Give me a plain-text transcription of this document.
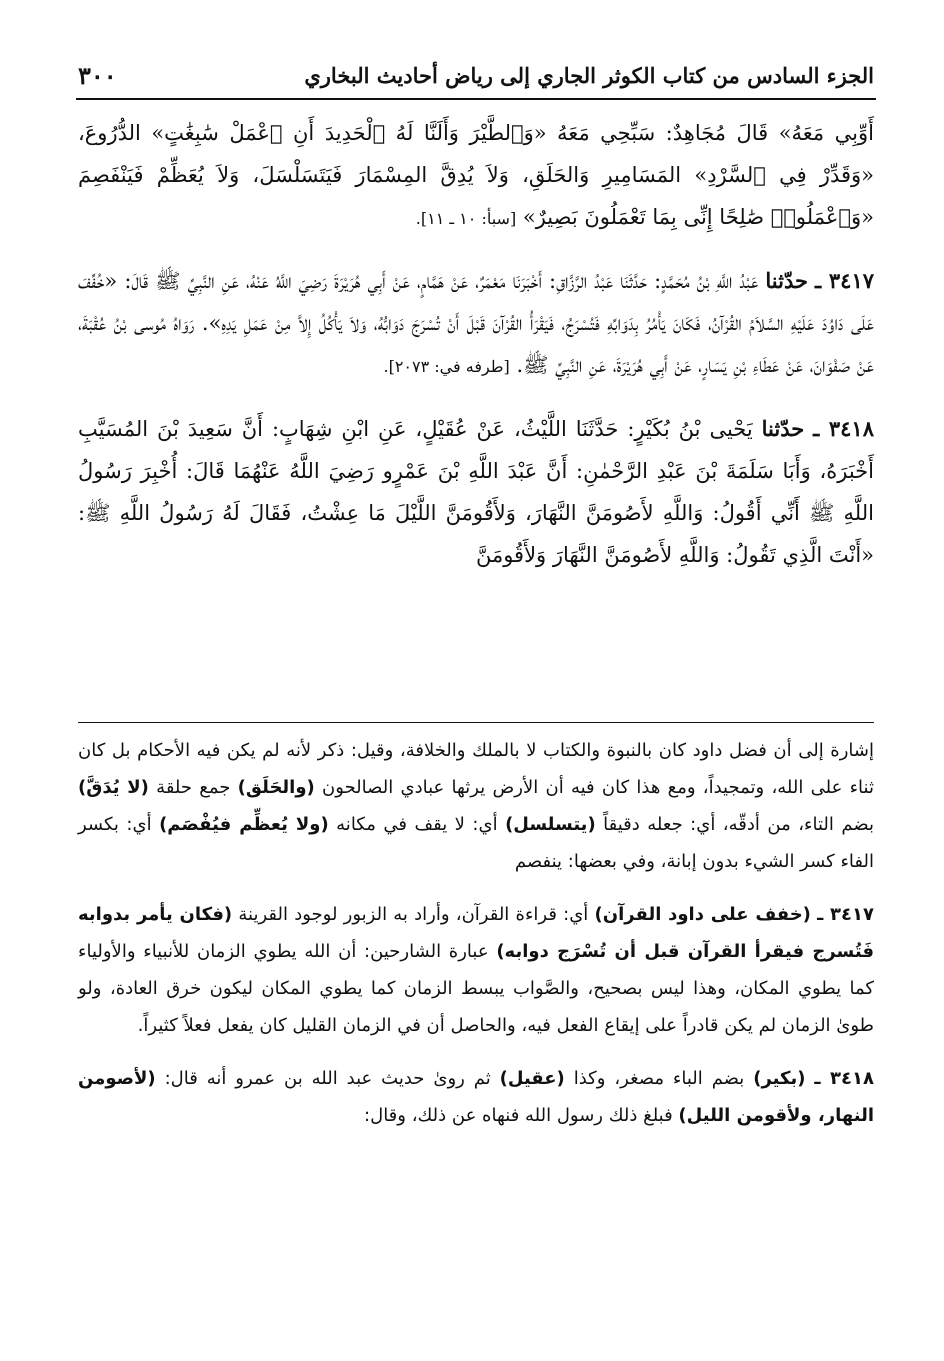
الجزء السادس من كتاب الكوثر الجاري إلى رياض أحاديث البخاري
٣٠٠

أَوِّبِي مَعَهُ» قَالَ مُجَاهِدٌ: سَبِّحِي مَعَهُ «وَٱلطَّيْرَ وَأَلَنَّا لَهُ ٱلْحَدِيدَ أَنِ ٱعْمَلْ سَٰبِغَٰتٍ» الدُّرُوعَ، «وَقَدِّرْ فِي ٱلسَّرْدِ» المَسَامِيرِ وَالحَلَقِ، وَلاَ يُدِقَّ المِسْمَارَ فَيَتَسَلْسَلَ، وَلاَ يُعَظِّمْ فَيَنْفَصِمَ «وَٱعْمَلُوا۟ صَٰلِحًا إِنِّى بِمَا تَعْمَلُونَ بَصِيرٌ» [سبأ: ١٠ ـ ١١].

٣٤١٧ ـ حدّثنا عَبْدُ اللَّهِ بْنُ مُحَمَّدٍ: حَدَّثَنَا عَبْدُ الرَّزَّاقِ: أَخْبَرَنَا مَعْمَرٌ، عَنْ هَمَّامٍ، عَنْ أَبِي هُرَيْرَةَ رَضِيَ اللَّهُ عَنْهُ، عَنِ النَّبِيِّ ﷺ قَالَ: «خُفِّفَ عَلَى دَاوُدَ عَلَيْهِ السَّلاَمُ القُرْآنُ، فَكَانَ يَأْمُرُ بِدَوَابِّهِ فَتُسْرَجُ، فَيَقْرَأُ القُرْآنَ قَبْلَ أَنْ تُسْرَجَ دَوَابُّهُ، وَلاَ يَأْكُلُ إِلاَّ مِنْ عَمَلِ يَدِهِ». رَوَاهُ مُوسى بْنُ عُقْبَةَ، عَنْ صَفْوَانَ، عَنْ عَطَاءِ بْنِ يَسَارٍ، عَنْ أَبِي هُرَيْرَةَ، عَنِ النَّبِيِّ ﷺ. [طرفه في: ٢٠٧٣].

٣٤١٨ ـ حدّثنا يَحْيى بْنُ بُكَيْرٍ: حَدَّثَنَا اللَّيْثُ، عَنْ عُقَيْلٍ، عَنِ ابْنِ شِهَابٍ: أَنَّ سَعِيدَ بْنَ المُسَيَّبِ أَخْبَرَهُ، وَأَبَا سَلَمَةَ بْنَ عَبْدِ الرَّحْمٰنِ: أَنَّ عَبْدَ اللَّهِ بْنَ عَمْرٍو رَضِيَ اللَّهُ عَنْهُمَا قَالَ: أُخْبِرَ رَسُولُ اللَّهِ ﷺ أَنِّي أَقُولُ: وَاللَّهِ لأَصُومَنَّ النَّهَارَ، وَلأَقُومَنَّ اللَّيْلَ مَا عِشْتُ، فَقَالَ لَهُ رَسُولُ اللَّهِ ﷺ: «أَنْتَ الَّذِي تَقُولُ: وَاللَّهِ لأَصُومَنَّ النَّهَارَ وَلأَقُومَنَّ

إشارة إلى أن فضل داود كان بالنبوة والكتاب لا بالملك والخلافة، وقيل: ذكر لأنه لم يكن فيه الأحكام بل كان ثناء على الله، وتمجيداً، ومع هذا كان فيه أن الأرض يرثها عبادي الصالحون (والحَلَق) جمع حلقة (لا يُدَقَّ) بضم التاء، من أدقّه، أي: جعله دقيقاً (يتسلسل) أي: لا يقف في مكانه (ولا يُعظِّم فيُفْصَم) أي: بكسر الفاء كسر الشيء بدون إبانة، وفي بعضها: ينفصم

٣٤١٧ ـ (خفف على داود القرآن) أي: قراءة القرآن، وأراد به الزبور لوجود القرينة (فكان يأمر بدوابه فَتُسرج فيقرأ القرآن قبل أن تُسْرَج دوابه) عبارة الشارحين: أن الله يطوي الزمان للأنبياء والأولياء كما يطوي المكان، وهذا ليس بصحيح، والصَّواب يبسط الزمان كما يطوي المكان ليكون خرق العادة، ولو طوىٰ الزمان لم يكن قادراً على إيقاع الفعل فيه، والحاصل أن في الزمان القليل كان يفعل فعلاً كثيراً.

٣٤١٨ ـ (بكير) بضم الباء مصغر، وكذا (عقيل) ثم روىٰ حديث عبد الله بن عمرو أنه قال: (لأصومن النهار، ولأقومن الليل) فبلغ ذلك رسول الله فنهاه عن ذلك، وقال:
